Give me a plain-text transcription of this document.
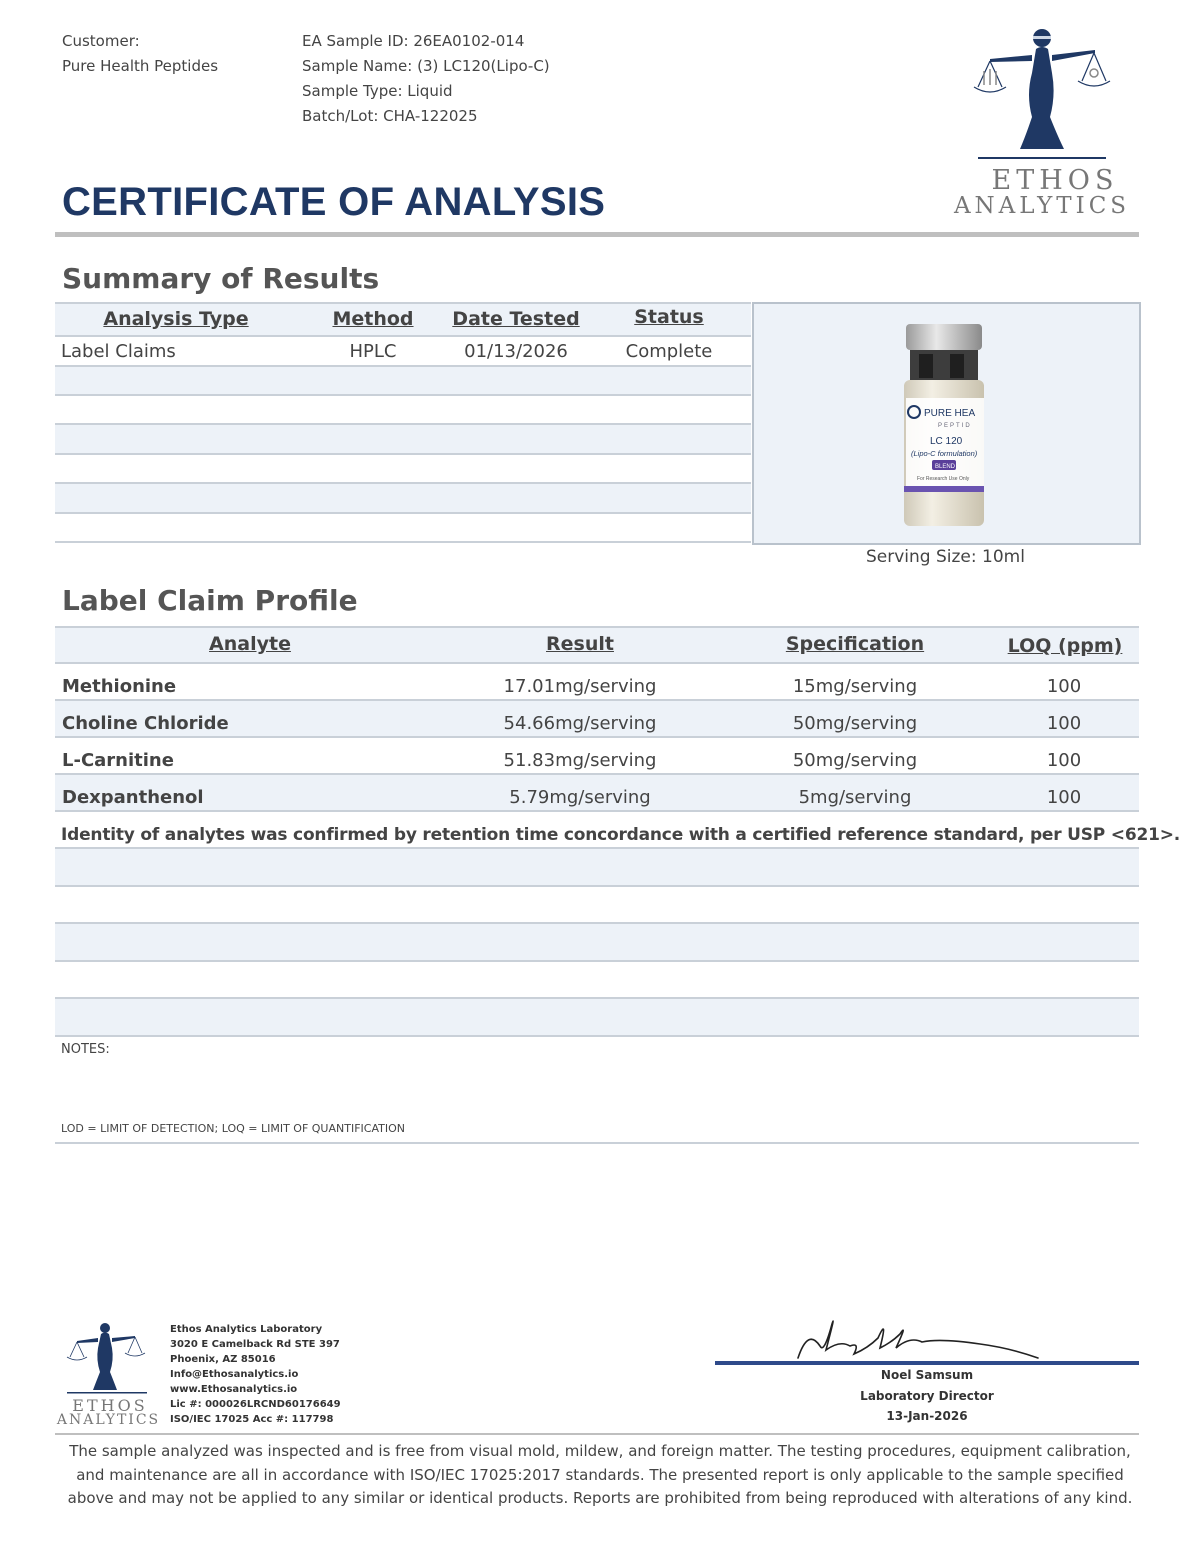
Customer:
Pure Health Peptides
EA Sample ID: 26EA0102-014
Sample Name: (3) LC120(Lipo-C)
Sample Type: Liquid
Batch/Lot: CHA-122025
ETHOS
ANALYTICS
CERTIFICATE OF ANALYSIS
Summary of Results
Analysis Type	Method	Date Tested	Status
Label Claims	HPLC	01/13/2026	Complete
PURE HEA
PEPTID
LC 120
(Lipo-C formulation)
BLEND
For Research Use Only
Serving Size: 10ml
Label Claim Profile
Analyte	Result	Specification	LOQ (ppm)
Methionine	17.01mg/serving	15mg/serving	100
Choline Chloride	54.66mg/serving	50mg/serving	100
L-Carnitine	51.83mg/serving	50mg/serving	100
Dexpanthenol	5.79mg/serving	5mg/serving	100
Identity of analytes was confirmed by retention time concordance with a certified reference standard, per USP <621>.
NOTES:
LOD = LIMIT OF DETECTION; LOQ = LIMIT OF QUANTIFICATION
ETHOS
ANALYTICS
Ethos Analytics Laboratory
3020 E Camelback Rd STE 397
Phoenix, AZ 85016
Info@Ethosanalytics.io
www.Ethosanalytics.io
Lic #: 000026LRCND60176649
ISO/IEC 17025 Acc #: 117798
Noel Samsum
Laboratory Director
13-Jan-2026
The sample analyzed was inspected and is free from visual mold, mildew, and foreign matter. The testing procedures, equipment calibration, and maintenance are all in accordance with ISO/IEC 17025:2017 standards. The presented report is only applicable to the sample specified above and may not be applied to any similar or identical products. Reports are prohibited from being reproduced with alterations of any kind.
